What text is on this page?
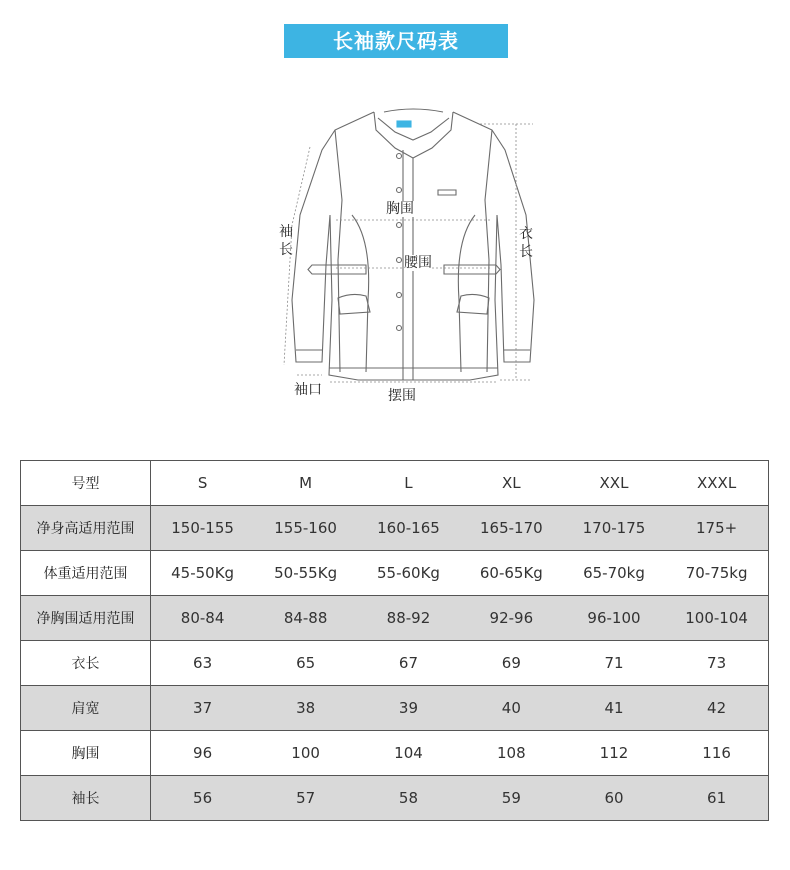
长袖款尺码表
胸围
腰围
袖
长
衣
长
袖口	摆围
号型	S	M	L	XL	XXL	XXXL
净身高适用范围	150-155	155-160	160-165	165-170	170-175	175+
体重适用范围	45-50Kg	50-55Kg	55-60Kg	60-65Kg	65-70kg	70-75kg
净胸围适用范围	80-84	84-88	88-92	92-96	96-100	100-104
衣长	63	65	67	69	71	73
肩宽	37	38	39	40	41	42
胸围	96	100	104	108	112	116
袖长	56	57	58	59	60	61
